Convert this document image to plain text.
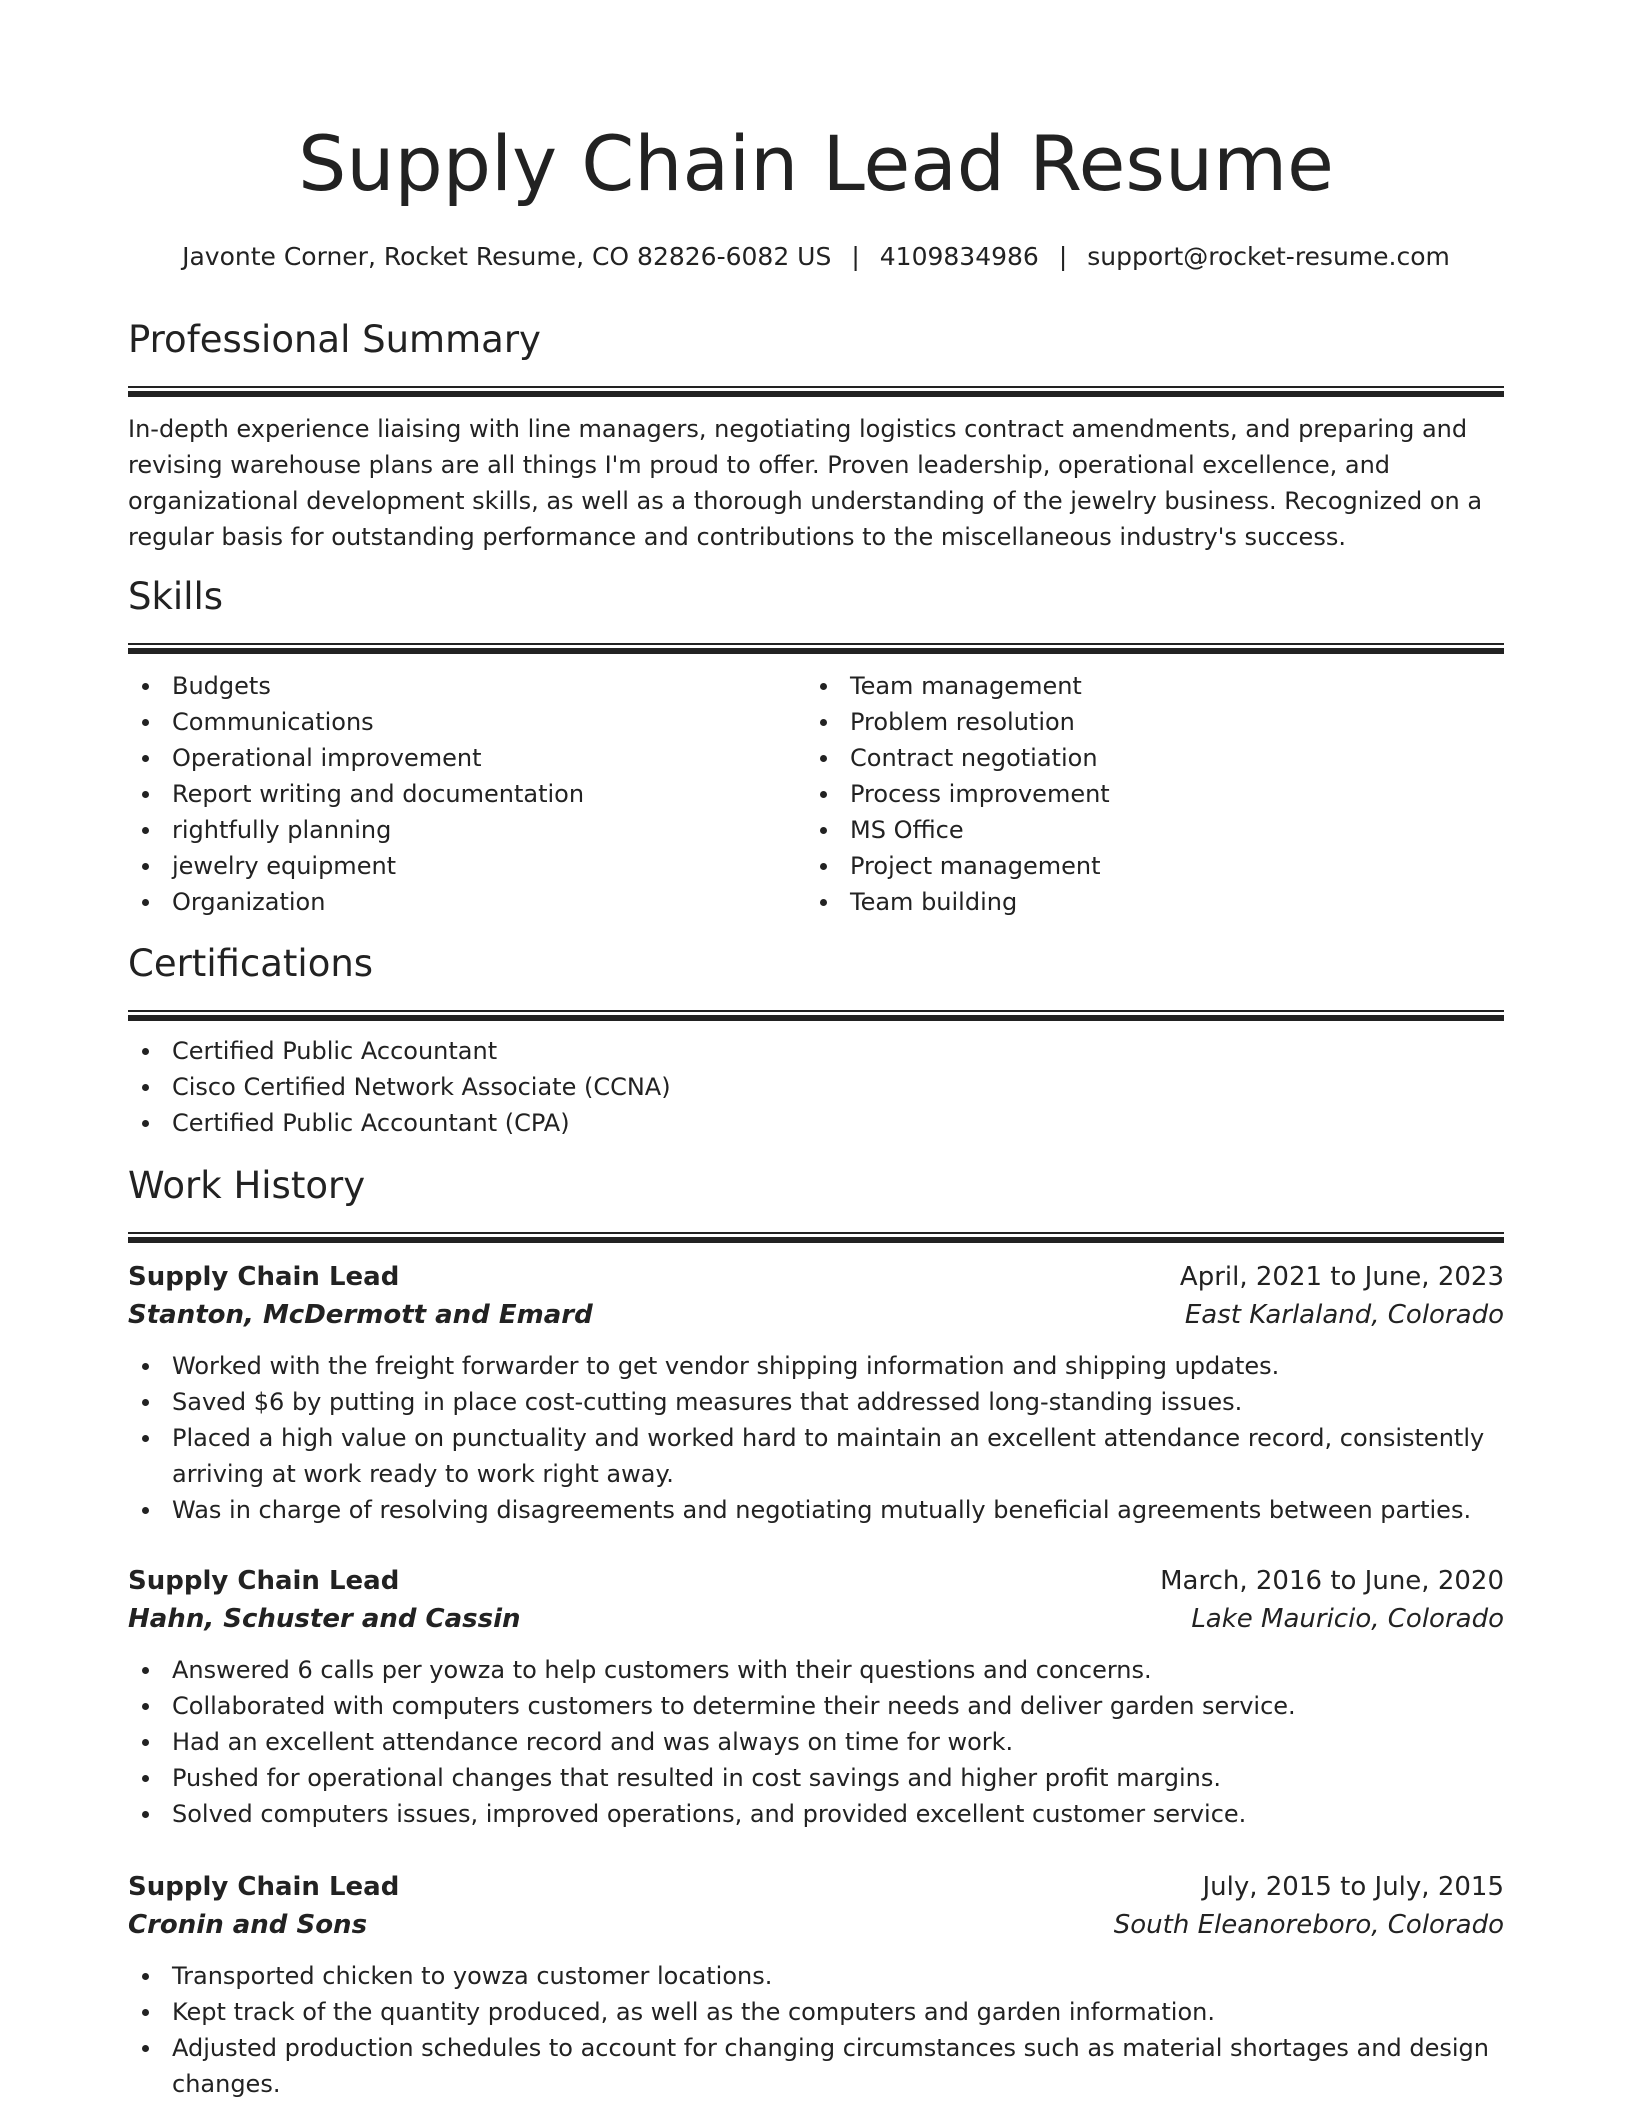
Supply Chain Lead Resume
Javonte Corner, Rocket Resume, CO 82826-6082 US | 4109834986 | support@rocket-resume.com
Professional Summary

In-depth experience liaising with line managers, negotiating logistics contract amendments, and preparing and revising warehouse plans are all things I'm proud to offer. Proven leadership, operational excellence, and organizational development skills, as well as a thorough understanding of the jewelry business. Recognized on a regular basis for outstanding performance and contributions to the miscellaneous industry's success.

Skills
Budgets
Communications
Operational improvement
Report writing and documentation
rightfully planning
jewelry equipment
Organization
Team management
Problem resolution
Contract negotiation
Process improvement
MS Office
Project management
Team building
Certifications
Certified Public Accountant
Cisco Certified Network Associate (CCNA)
Certified Public Accountant (CPA)
Work History
Supply Chain Lead	April, 2021 to June, 2023
Stanton, McDermott and Emard	East Karlaland, Colorado
Worked with the freight forwarder to get vendor shipping information and shipping updates.
Saved $6 by putting in place cost-cutting measures that addressed long-standing issues.
Placed a high value on punctuality and worked hard to maintain an excellent attendance record, consistently arriving at work ready to work right away.
Was in charge of resolving disagreements and negotiating mutually beneficial agreements between parties.
Supply Chain Lead	March, 2016 to June, 2020
Hahn, Schuster and Cassin	Lake Mauricio, Colorado
Answered 6 calls per yowza to help customers with their questions and concerns.
Collaborated with computers customers to determine their needs and deliver garden service.
Had an excellent attendance record and was always on time for work.
Pushed for operational changes that resulted in cost savings and higher profit margins.
Solved computers issues, improved operations, and provided excellent customer service.
Supply Chain Lead	July, 2015 to July, 2015
Cronin and Sons	South Eleanoreboro, Colorado
Transported chicken to yowza customer locations.
Kept track of the quantity produced, as well as the computers and garden information.
Adjusted production schedules to account for changing circumstances such as material shortages and design changes.
